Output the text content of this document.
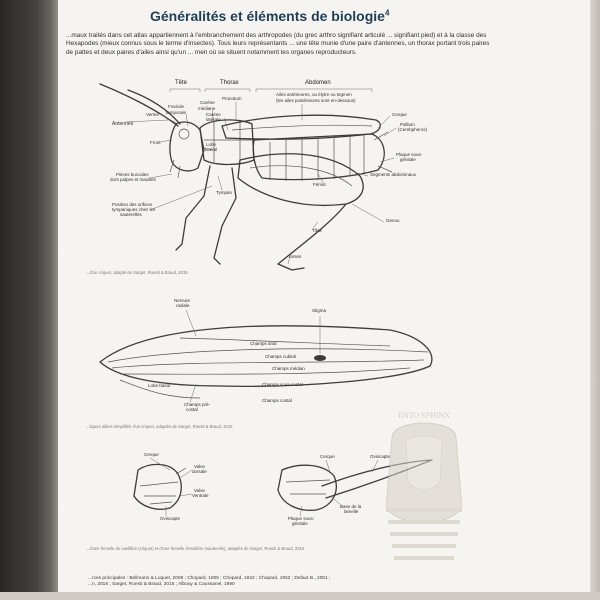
Généralités et éléments de biologie$^4$

...maux traités dans cet atlas appartiennent à l'embranchement des arthropodes (du grec arthro signifiant articulé ... signifiant pied) et à la classe des Hexapodes (mieux connus sous le terme d'insectes). Tous leurs représentants ... une tête munie d'une paire d'antennes, un thorax portant trois paires de pattes et deux paires d'ailes ainsi qu'un ... men où se situent notamment les organes reproducteurs.

Tête	Thorax	Abdomen
Antennes
Vertex
Fovéole
temporale
Carène
médiane
Pronotum
Carène
latérale
Ailes antérieures, ou élytre ou tegmen
(les ailes postérieures sont en-dessous)
Cerque
Pallium
(Cerebpheros)
Front	Lobe
latéral
Plaque sous-
génitale
Pièces buccales
dont palpes et maxilles
Segments abdominaux
Fémur
Tympan
Position des orifices
tympaniques chez les
sauterelles
Genou
Tibia
Tarses
...d'un criquet, adapté de Sarget, Roesti & Braud, 2015
Nervure
radiale
Stigma
Champs anal
Champs cubital
Champs médian
Lobe basal	Champs sous-costal
Champs pré-
costal
Champs costal
...tiques ailées simplifiés d'un criquet, adaptés de Sarget, Roesti & Braud, 2015
Cerque
Valve
dorsale
Valve
Ventrale
Oviscapte
Cerque	Oviscapte
Base de la
lamelle
Plaque sous-
génitale
...d'une femelle de caelifère (criquet) et d'une femelle d'ensifère (sauterelle), adaptés de Sarget, Roesti & Braud, 2015
ENTO SPHINX

...rces principales : Bellmann & Luquet, 2009 ; Chopard, 1905 ; Chopard, 1922 ; Chopard, 1952 ; Defaut B., 2001 ;
...n, 2018 ; Sarget, Roesti & Braud, 2015 ; Albouy & Caussanel, 1990
